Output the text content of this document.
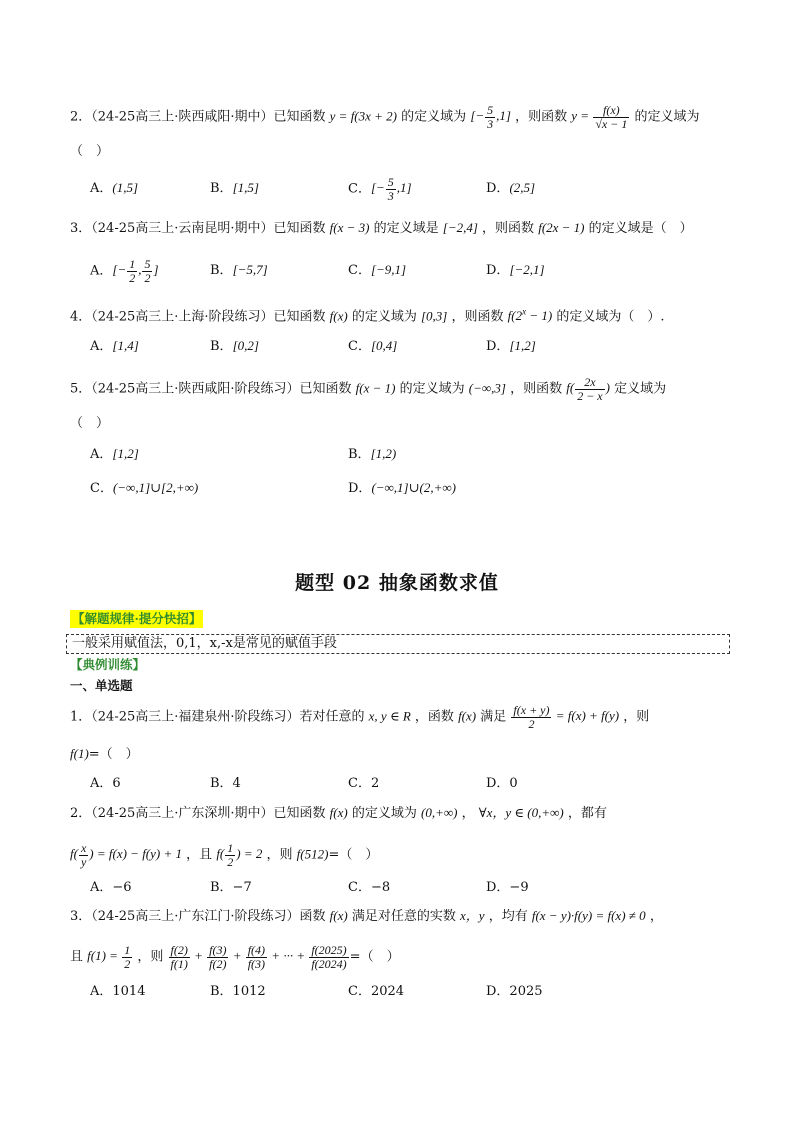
2．（24-25高三上·陕西咸阳·期中）已知函数 y = f(3x + 2) 的定义域为 [− $\frac{5}{3} ,1$] ，则函数 $y = \frac{f(x)}{√x - 1}$ 的定义域为
（　）
A．(1,5]	B．[1,5]	C．[− $\frac{5}{3} ,1$]	D．(2,5]
3．（24-25高三上·云南昆明·期中）已知函数 f(x − 3) 的定义域是 [−2,4] ，则函数 f(2x − 1) 的定义域是（　）
A．[− $\frac{1}{2}$ , $\frac{5}{2}$ ]	B．[−5,7]	C．[−9,1]	D．[−2,1]
4．（24-25高三上·上海·阶段练习）已知函数 f(x) 的定义域为 [0,3] ，则函数 $f(2^x - 1)$ 的定义域为（　）.
A．[1,4]	B．[0,2]	C．[0,4]	D．[1,2]
5．（24-25高三上·陕西咸阳·阶段练习）已知函数 f(x − 1) 的定义域为 (−∞,3] ，则函数 $f( \frac{2x}{2 - x}$ ) 定义域为
（　）
A．[1,2]	B．[1,2)
C．(−∞,1]∪[2,+∞)	D．(−∞,1]∪(2,+∞)
题型 02 抽象函数求值
【解题规律·提分快招】
一般采用赋值法，0,1，x,-x是常见的赋值手段
【典例训练】
一、单选题
1．（24-25高三上·福建泉州·阶段练习）若对任意的 x, y ∈ R ，函数 f(x) 满足 $\frac{f(x + y)}{2} = f(x) + f(y)$ ，则
f(1)=（　）
A．6	B．4	C．2	D．0
2．（24-25高三上·广东深圳·期中）已知函数 f(x) 的定义域为 (0,+∞) ， ∀x，y ∈ (0,+∞) ，都有
$f( \frac{x}{y}$ ) = f(x) − f(y) + 1 ，且 $f( \frac{1}{2}$ ) = 2 ，则 f(512)=（　）
A．−6	B．−7	C．−8	D．−9
3．（24-25高三上·广东江门·阶段练习）函数 f(x) 满足对任意的实数 x，y ，均有 f(x − y)·f(y) = f(x) ≠ 0 ，
且 $f(1) = \frac{1}{2}$ ，则 $\frac{f(2)}{f(1)} + \frac{f(3)}{f(2)} + \frac{f(4)}{f(3)}$ + ··· + $\frac{f(2025)}{f(2024)}$ =（　）
A．1014	B．1012	C．2024	D．2025
